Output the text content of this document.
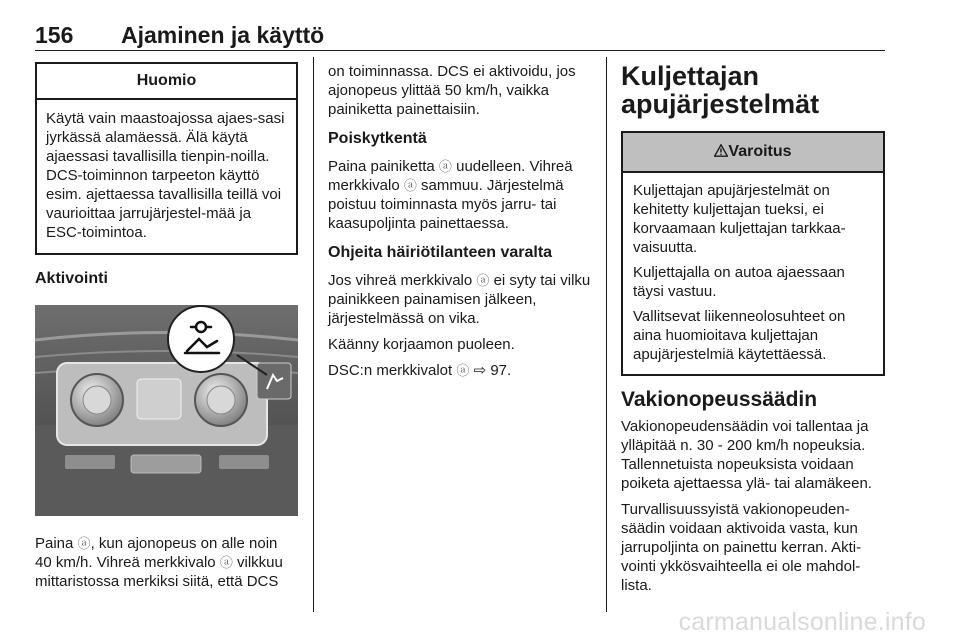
156 Ajaminen ja käyttö
Huomio

Käytä vain maastoajossa ajaes-sasi jyrkässä alamäessä. Älä käytä ajaessasi tavallisilla tienpin-noilla. DCS-toiminnon tarpeeton käyttö esim. ajettaessa tavallisilla teillä voi vaurioittaa jarrujärjestel-mää ja ESC-toimintoa.

Aktivointi

Paina ⓐ, kun ajonopeus on alle noin 40 km/h. Vihreä merkkivalo ⓐ vilkkuu mittaristossa merkiksi siitä, että DCS

on toiminnassa. DCS ei aktivoidu, jos ajonopeus ylittää 50 km/h, vaikka painiketta painettaisiin.

Poiskytkentä

Paina painiketta ⓐ uudelleen. Vihreä merkkivalo ⓐ sammuu. Järjestelmä poistuu toiminnasta myös jarru- tai kaasupoljinta painettaessa.

Ohjeita häiriötilanteen varalta

Jos vihreä merkkivalo ⓐ ei syty tai vilku painikkeen painamisen jälkeen, järjestelmässä on vika.

Käänny korjaamon puoleen.

DSC:n merkkivalot ⓐ ⇨ 97.

Kuljettajan apujärjestelmät
Varoitus

Kuljettajan apujärjestelmät on kehitetty kuljettajan tueksi, ei korvaamaan kuljettajan tarkkaa-vaisuutta.

Kuljettajalla on autoa ajaessaan täysi vastuu.

Vallitsevat liikenneolosuhteet on aina huomioitava kuljettajan apujärjestelmiä käytettäessä.

Vakionopeussäädin

Vakionopeudensäädin voi tallentaa ja ylläpitää n. 30 - 200 km/h nopeuksia. Tallennetuista nopeuksista voidaan poiketa ajettaessa ylä- tai alamäkeen.

Turvallisuussyistä vakionopeuden-säädin voidaan aktivoida vasta, kun jarrupoljinta on painettu kerran. Akti-vointi ykkösvaihteella ei ole mahdol-lista.

carmanualsonline.info
